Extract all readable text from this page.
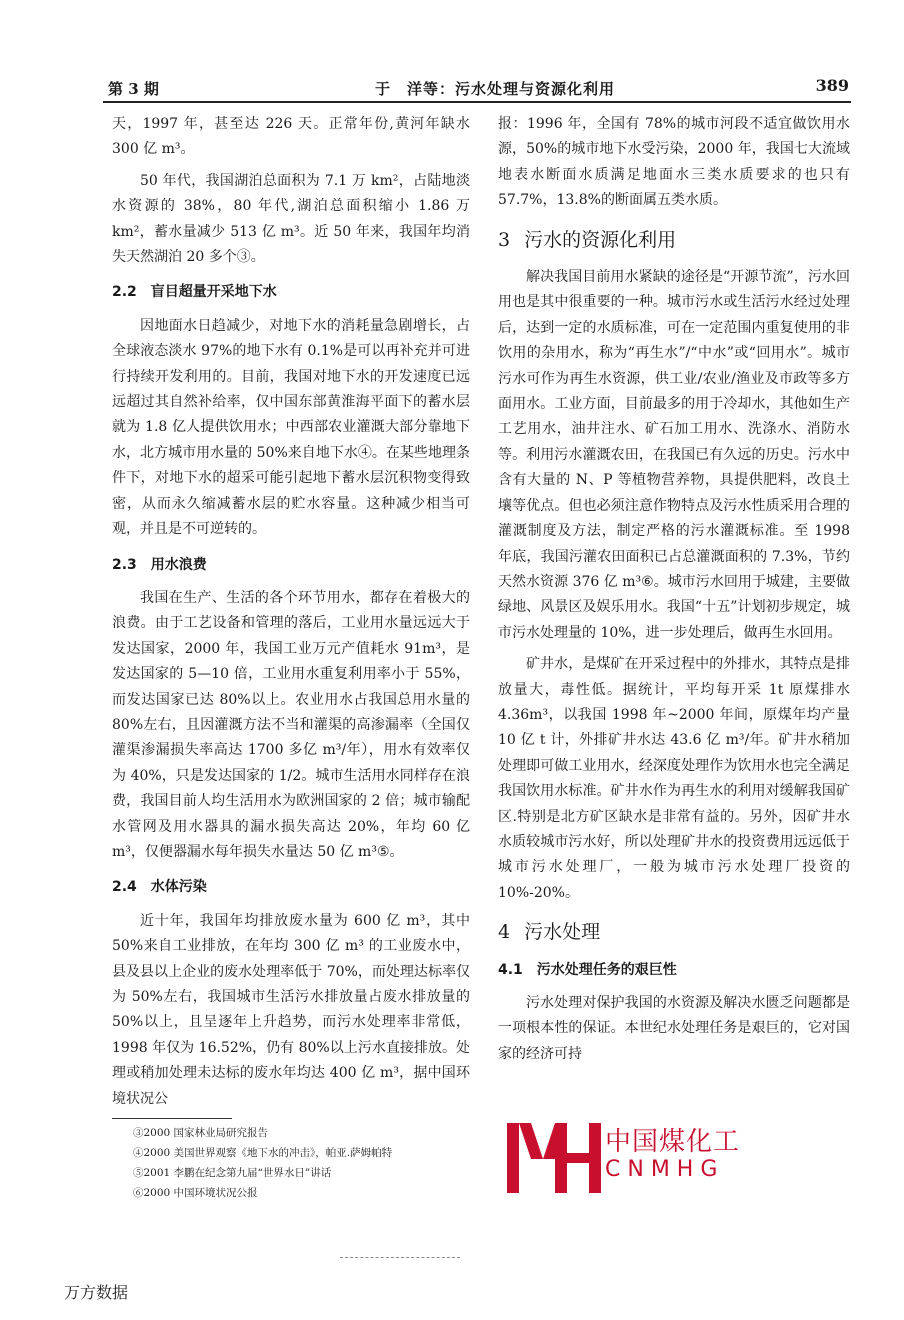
第 3 期	于　洋等：污水处理与资源化利用	389

天，1997 年，甚至达 226 天。正常年份,黄河年缺水 300 亿 m³。

50 年代，我国湖泊总面积为 7.1 万 km²，占陆地淡水资源的 38%，80 年代,湖泊总面积缩小 1.86 万 km²，蓄水量减少 513 亿 m³。近 50 年来，我国年均消失天然湖泊 20 多个③。

2.2　盲目超量开采地下水

因地面水日趋减少，对地下水的消耗量急剧增长，占全球液态淡水 97%的地下水有 0.1%是可以再补充并可进行持续开发利用的。目前，我国对地下水的开发速度已远远超过其自然补给率，仅中国东部黄淮海平面下的蓄水层就为 1.8 亿人提供饮用水；中西部农业灌溉大部分靠地下水，北方城市用水量的 50%来自地下水④。在某些地理条件下，对地下水的超采可能引起地下蓄水层沉积物变得致密，从而永久缩减蓄水层的贮水容量。这种减少相当可观，并且是不可逆转的。

2.3　用水浪费

我国在生产、生活的各个环节用水，都存在着极大的浪费。由于工艺设备和管理的落后，工业用水量远远大于发达国家，2000 年，我国工业万元产值耗水 91m³，是发达国家的 5—10 倍，工业用水重复利用率小于 55%，而发达国家已达 80%以上。农业用水占我国总用水量的 80%左右，且因灌溉方法不当和灌渠的高渗漏率（全国仅灌渠渗漏损失率高达 1700 多亿 m³/年），用水有效率仅为 40%，只是发达国家的 1/2。城市生活用水同样存在浪费，我国目前人均生活用水为欧洲国家的 2 倍；城市输配水管网及用水器具的漏水损失高达 20%，年均 60 亿 m³，仅便器漏水每年损失水量达 50 亿 m³⑤。

2.4　水体污染

近十年，我国年均排放废水量为 600 亿 m³，其中 50%来自工业排放，在年均 300 亿 m³ 的工业废水中，县及县以上企业的废水处理率低于 70%，而处理达标率仅为 50%左右，我国城市生活污水排放量占废水排放量的 50%以上，且呈逐年上升趋势，而污水处理率非常低，1998 年仅为 16.52%，仍有 80%以上污水直接排放。处理或稍加处理未达标的废水年均达 400 亿 m³，据中国环境状况公

③2000 国家林业局研究报告

④2000 美国世界观察《地下水的冲击》，帕亚.萨姆帕特

⑤2001 李鹏在纪念第九届“世界水日”讲话

⑥2000 中国环境状况公报

报：1996 年，全国有 78%的城市河段不适宜做饮用水源，50%的城市地下水受污染，2000 年，我国七大流域地表水断面水质满足地面水三类水质要求的也只有 57.7%，13.8%的断面属五类水质。

3 污水的资源化利用

解决我国目前用水紧缺的途径是“开源节流”，污水回用也是其中很重要的一种。城市污水或生活污水经过处理后，达到一定的水质标准，可在一定范围内重复使用的非饮用的杂用水，称为“再生水”/“中水”或“回用水”。城市污水可作为再生水资源，供工业/农业/渔业及市政等多方面用水。工业方面，目前最多的用于冷却水，其他如生产工艺用水，油井注水、矿石加工用水、洗涤水、消防水等。利用污水灌溉农田，在我国已有久远的历史。污水中含有大量的 N、P 等植物营养物，具提供肥料，改良土壤等优点。但也必须注意作物特点及污水性质采用合理的灌溉制度及方法，制定严格的污水灌溉标准。至 1998 年底，我国污灌农田面积已占总灌溉面积的 7.3%，节约天然水资源 376 亿 m³⑥。城市污水回用于城建，主要做绿地、风景区及娱乐用水。我国“十五”计划初步规定，城市污水处理量的 10%，进一步处理后，做再生水回用。

矿井水，是煤矿在开采过程中的外排水，其特点是排放量大，毒性低。据统计，平均每开采 1t 原煤排水 4.36m³，以我国 1998 年~2000 年间，原煤年均产量 10 亿 t 计，外排矿井水达 43.6 亿 m³/年。矿井水稍加处理即可做工业用水，经深度处理作为饮用水也完全满足我国饮用水标准。矿井水作为再生水的利用对缓解我国矿区.特别是北方矿区缺水是非常有益的。另外，因矿井水水质较城市污水好，所以处理矿井水的投资费用远远低于城市污水处理厂，一般为城市污水处理厂投资的 10%-20%。

4 污水处理
4.1　污水处理任务的艰巨性

污水处理对保护我国的水资源及解决水匮乏问题都是一项根本性的保证。本世纪水处理任务是艰巨的，它对国家的经济可持

中国煤化工
CNMHG
万方数据
